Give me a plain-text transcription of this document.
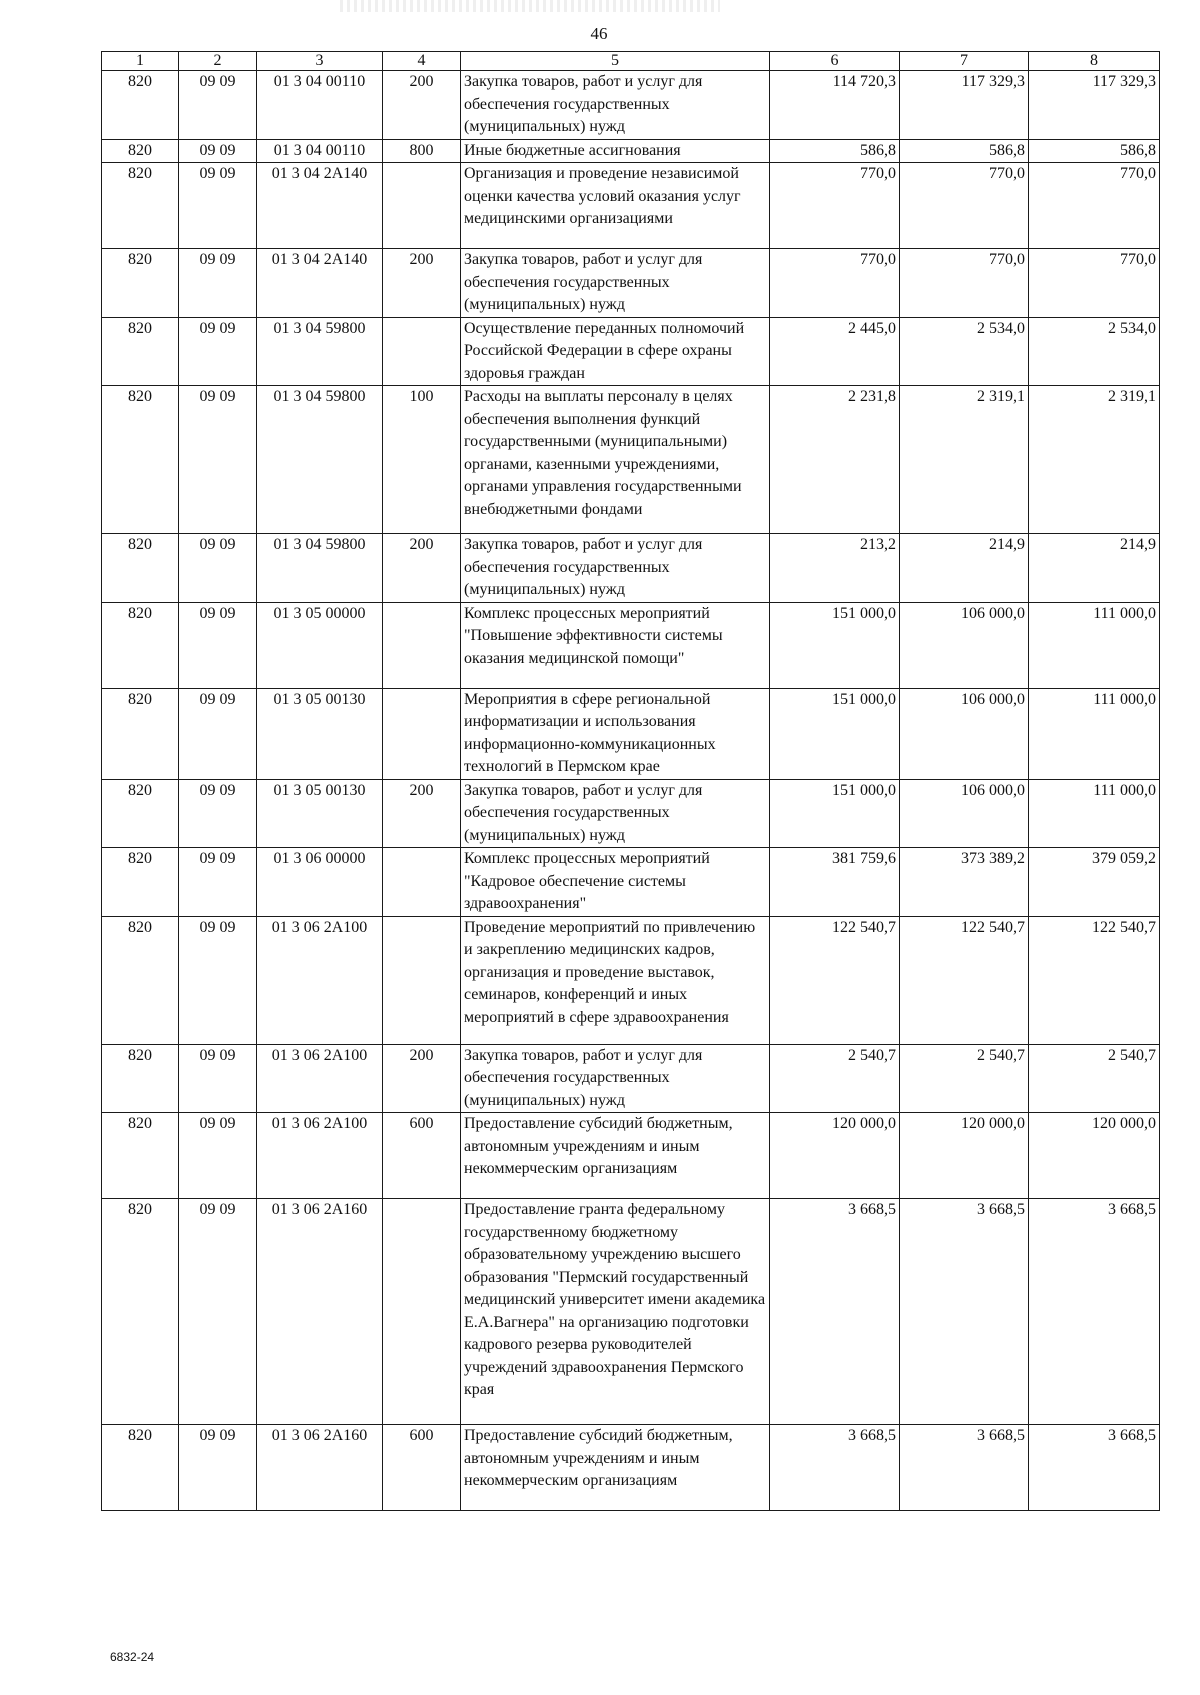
46
1	2	3	4	5	6	7	8
820	09 09	01 3 04 00110	200	Закупка товаров, работ и услуг для обеспечения государственных (муниципальных) нужд	114 720,3	117 329,3	117 329,3
820	09 09	01 3 04 00110	800	Иные бюджетные ассигнования	586,8	586,8	586,8
820	09 09	01 3 04 2А140		Организация и проведение независимой оценки качества условий оказания услуг медицинскими организациями	770,0	770,0	770,0
820	09 09	01 3 04 2А140	200	Закупка товаров, работ и услуг для обеспечения государственных (муниципальных) нужд	770,0	770,0	770,0
820	09 09	01 3 04 59800		Осуществление переданных полномочий Российской Федерации в сфере охраны здоровья граждан	2 445,0	2 534,0	2 534,0
820	09 09	01 3 04 59800	100	Расходы на выплаты персоналу в целях обеспечения выполнения функций государственными (муниципальными) органами, казенными учреждениями, органами управления государственными внебюджетными фондами	2 231,8	2 319,1	2 319,1
820	09 09	01 3 04 59800	200	Закупка товаров, работ и услуг для обеспечения государственных (муниципальных) нужд	213,2	214,9	214,9
820	09 09	01 3 05 00000		Комплекс процессных мероприятий "Повышение эффективности системы оказания медицинской помощи"	151 000,0	106 000,0	111 000,0
820	09 09	01 3 05 00130		Мероприятия в сфере региональной информатизации и использования информационно-коммуникационных технологий в Пермском крае	151 000,0	106 000,0	111 000,0
820	09 09	01 3 05 00130	200	Закупка товаров, работ и услуг для обеспечения государственных (муниципальных) нужд	151 000,0	106 000,0	111 000,0
820	09 09	01 3 06 00000		Комплекс процессных мероприятий "Кадровое обеспечение системы здравоохранения"	381 759,6	373 389,2	379 059,2
820	09 09	01 3 06 2А100		Проведение мероприятий по привлечению и закреплению медицинских кадров, организация и проведение выставок, семинаров, конференций и иных мероприятий в сфере здравоохранения	122 540,7	122 540,7	122 540,7
820	09 09	01 3 06 2А100	200	Закупка товаров, работ и услуг для обеспечения государственных (муниципальных) нужд	2 540,7	2 540,7	2 540,7
820	09 09	01 3 06 2А100	600	Предоставление субсидий бюджетным, автономным учреждениям и иным некоммерческим организациям	120 000,0	120 000,0	120 000,0
820	09 09	01 3 06 2А160		Предоставление гранта федеральному государственному бюджетному образовательному учреждению высшего образования "Пермский государственный медицинский университет имени академика Е.А.Вагнера" на организацию подготовки кадрового резерва руководителей учреждений здравоохранения Пермского края	3 668,5	3 668,5	3 668,5
820	09 09	01 3 06 2А160	600	Предоставление субсидий бюджетным, автономным учреждениям и иным некоммерческим организациям	3 668,5	3 668,5	3 668,5
6832-24
